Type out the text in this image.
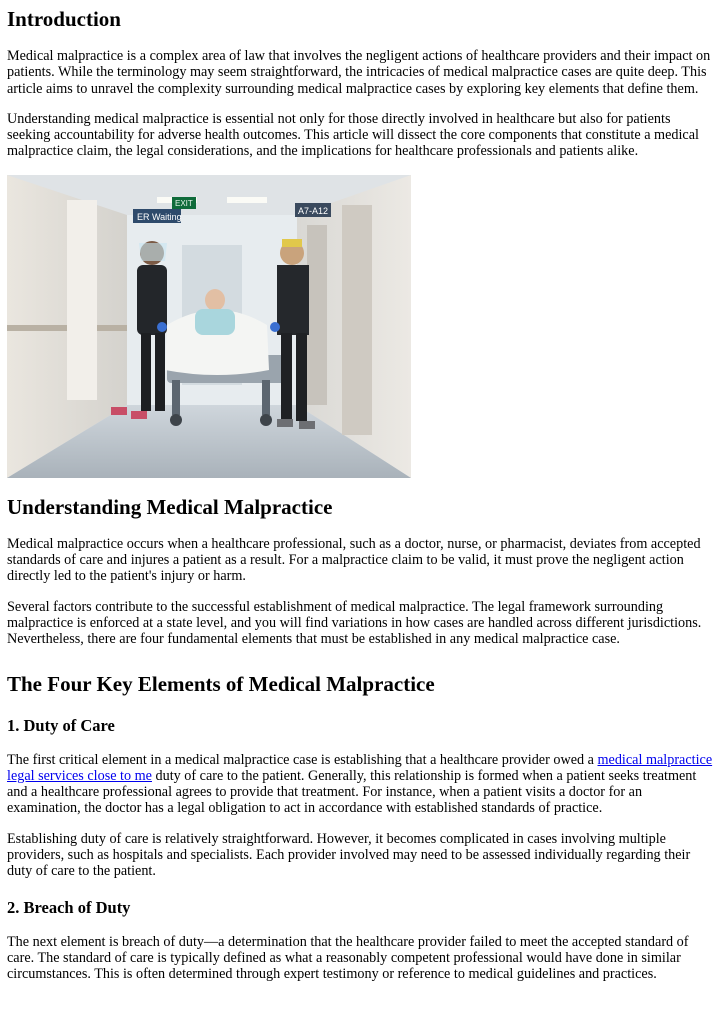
Introduction

Medical malpractice is a complex area of law that involves the negligent actions of healthcare providers and their impact on patients. While the terminology may seem straightforward, the intricacies of medical malpractice cases are quite deep. This article aims to unravel the complexity surrounding medical malpractice cases by exploring key elements that define them.

Understanding medical malpractice is essential not only for those directly involved in healthcare but also for patients seeking accountability for adverse health outcomes. This article will dissect the core components that constitute a medical malpractice claim, the legal considerations, and the implications for healthcare professionals and patients alike.

ER Waiting
EXIT
A7-A12
Understanding Medical Malpractice

Medical malpractice occurs when a healthcare professional, such as a doctor, nurse, or pharmacist, deviates from accepted standards of care and injures a patient as a result. For a malpractice claim to be valid, it must prove the negligent action directly led to the patient's injury or harm.

Several factors contribute to the successful establishment of medical malpractice. The legal framework surrounding malpractice is enforced at a state level, and you will find variations in how cases are handled across different jurisdictions. Nevertheless, there are four fundamental elements that must be established in any medical malpractice case.

The Four Key Elements of Medical Malpractice
1. Duty of Care

The first critical element in a medical malpractice case is establishing that a healthcare provider owed a medical malpractice legal services close to me duty of care to the patient. Generally, this relationship is formed when a patient seeks treatment and a healthcare professional agrees to provide that treatment. For instance, when a patient visits a doctor for an examination, the doctor has a legal obligation to act in accordance with established standards of practice.

Establishing duty of care is relatively straightforward. However, it becomes complicated in cases involving multiple providers, such as hospitals and specialists. Each provider involved may need to be assessed individually regarding their duty of care to the patient.

2. Breach of Duty

The next element is breach of duty—a determination that the healthcare provider failed to meet the accepted standard of care. The standard of care is typically defined as what a reasonably competent professional would have done in similar circumstances. This is often determined through expert testimony or reference to medical guidelines and practices.
